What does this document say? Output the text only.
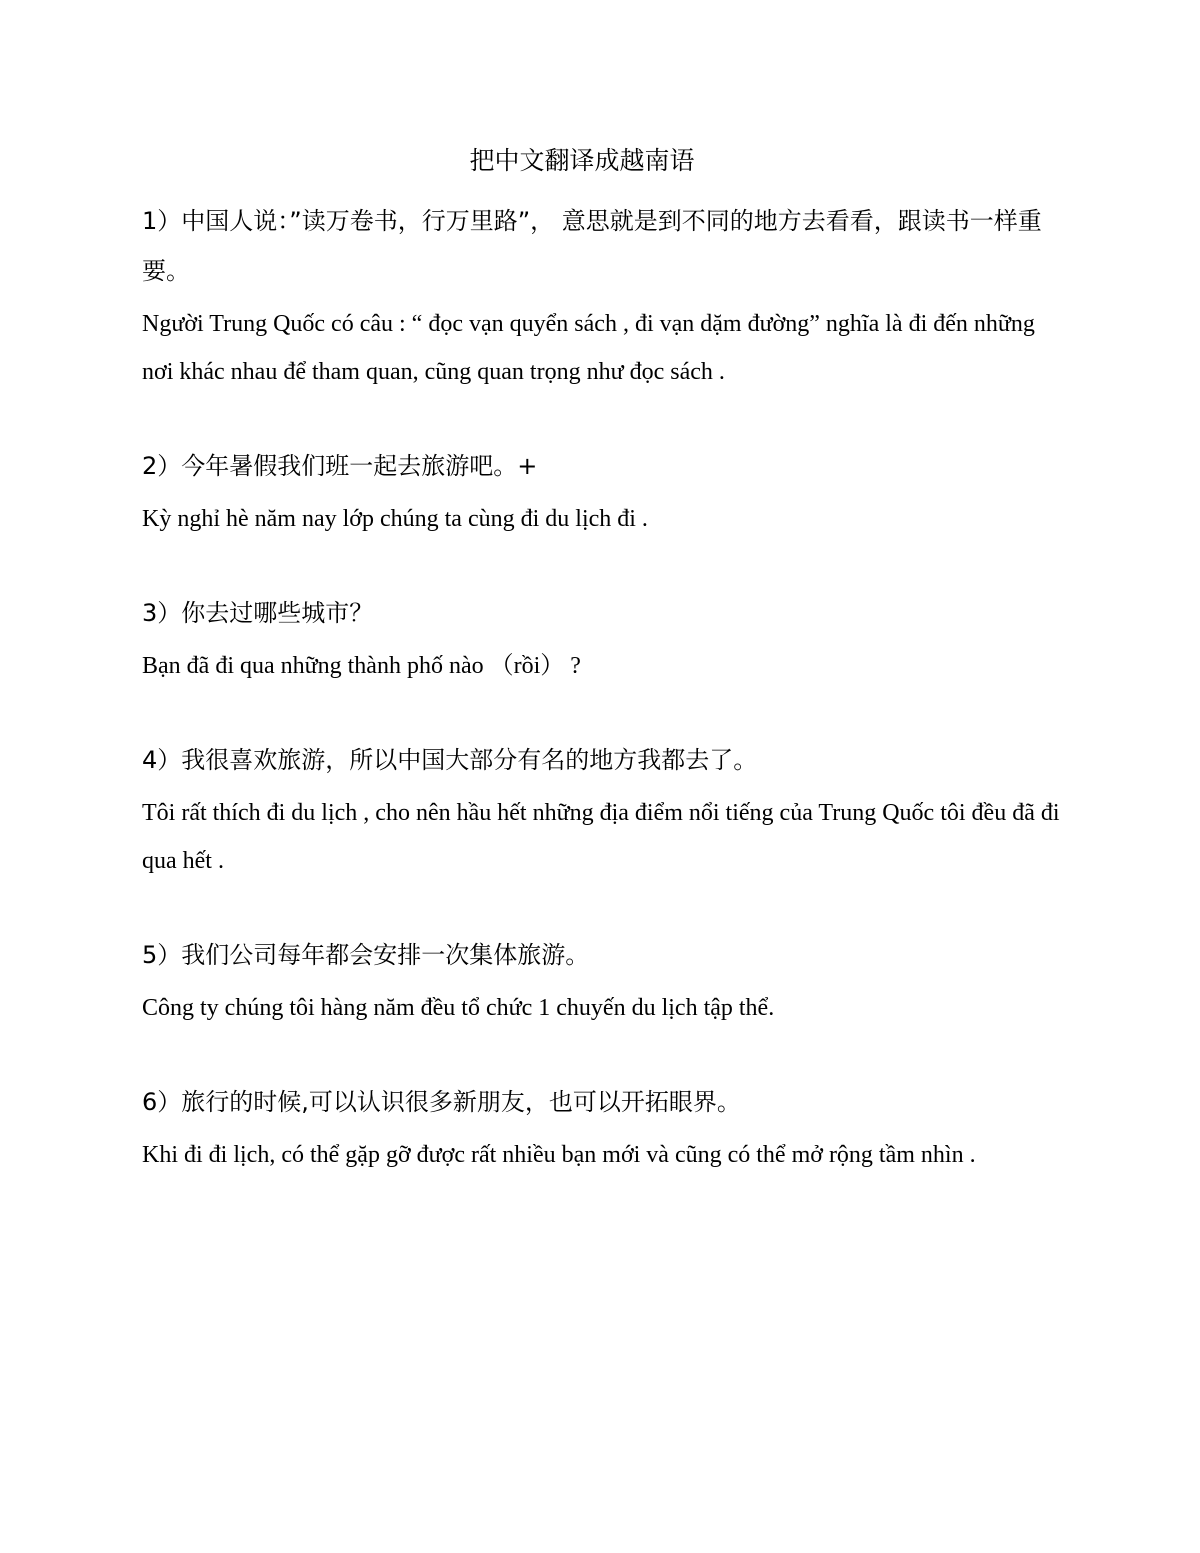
把中文翻译成越南语

1）中国人说：”读万卷书，行万里路”， 意思就是到不同的地方去看看，跟读书一样重要。

Người Trung Quốc có câu : “ đọc vạn quyển sách , đi vạn dặm đường” nghĩa là đi đến những nơi khác nhau để tham quan, cũng quan trọng như đọc sách .

2）今年暑假我们班一起去旅游吧。+

Kỳ nghỉ hè năm nay lớp chúng ta cùng đi du lịch đi .

3）你去过哪些城市？

Bạn đã đi qua những thành phố nào （rồi） ?

4）我很喜欢旅游，所以中国大部分有名的地方我都去了。

Tôi rất thích đi du lịch , cho nên hầu hết những địa điểm nổi tiếng của Trung Quốc tôi đều đã đi qua hết .

5）我们公司每年都会安排一次集体旅游。

Công ty chúng tôi hàng năm đều tổ chức 1 chuyến du lịch tập thể.

6）旅行的时候,可以认识很多新朋友，也可以开拓眼界。

Khi đi đi lịch, có thể gặp gỡ được rất nhiều bạn mới và cũng có thể mở rộng tầm nhìn .
